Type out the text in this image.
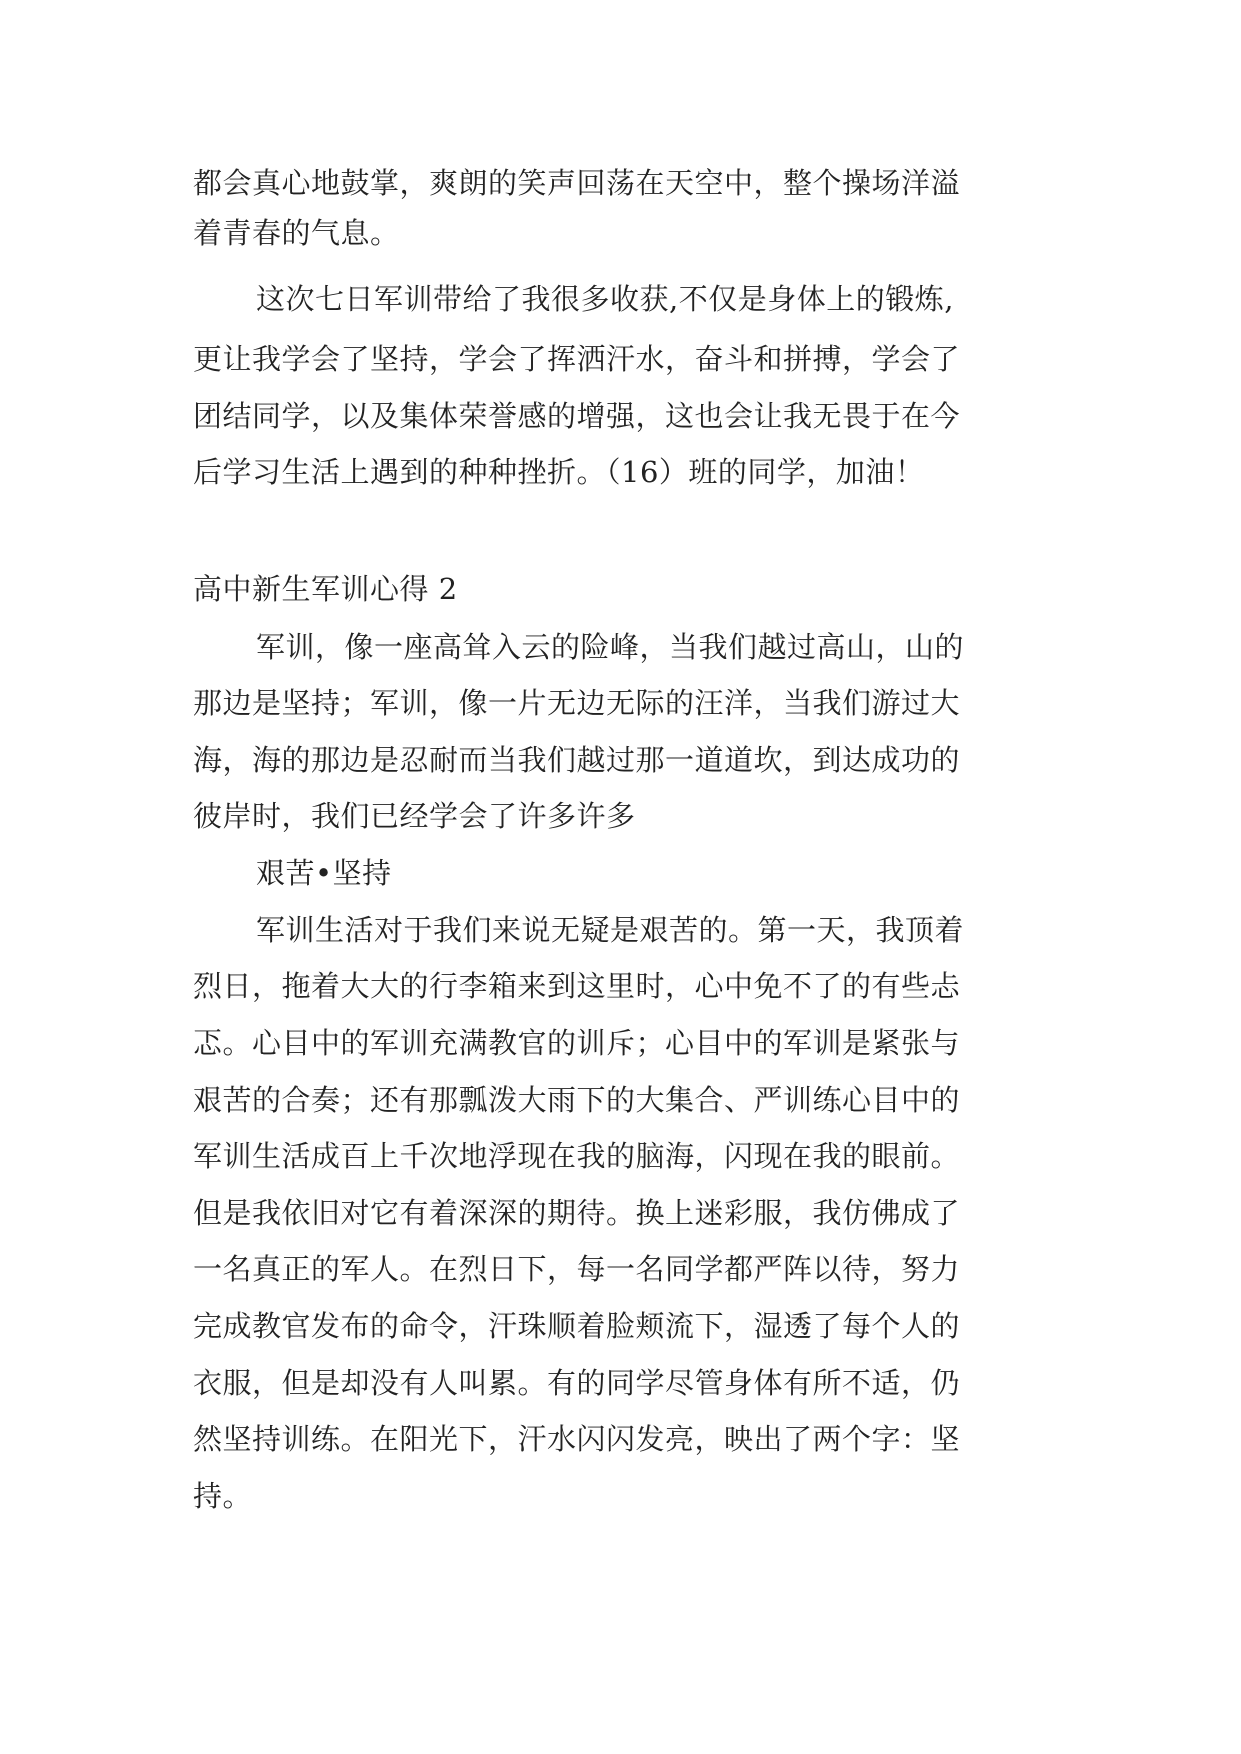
都会真心地鼓掌，爽朗的笑声回荡在天空中，整个操场洋溢
着青春的气息。
这次七日军训带给了我很多收获,不仅是身体上的锻炼,
更让我学会了坚持，学会了挥洒汗水，奋斗和拼搏，学会了
团结同学，以及集体荣誉感的增强，这也会让我无畏于在今
后学习生活上遇到的种种挫折。（16）班的同学，加油！
高中新生军训心得 2
军训，像一座高耸入云的险峰，当我们越过高山，山的
那边是坚持；军训，像一片无边无际的汪洋，当我们游过大
海，海的那边是忍耐而当我们越过那一道道坎，到达成功的
彼岸时，我们已经学会了许多许多
艰苦•坚持
军训生活对于我们来说无疑是艰苦的。第一天，我顶着
烈日，拖着大大的行李箱来到这里时，心中免不了的有些忐
忑。心目中的军训充满教官的训斥；心目中的军训是紧张与
艰苦的合奏；还有那瓢泼大雨下的大集合、严训练心目中的
军训生活成百上千次地浮现在我的脑海，闪现在我的眼前。
但是我依旧对它有着深深的期待。换上迷彩服，我仿佛成了
一名真正的军人。在烈日下，每一名同学都严阵以待，努力
完成教官发布的命令，汗珠顺着脸颊流下，湿透了每个人的
衣服，但是却没有人叫累。有的同学尽管身体有所不适，仍
然坚持训练。在阳光下，汗水闪闪发亮，映出了两个字：坚
持。
